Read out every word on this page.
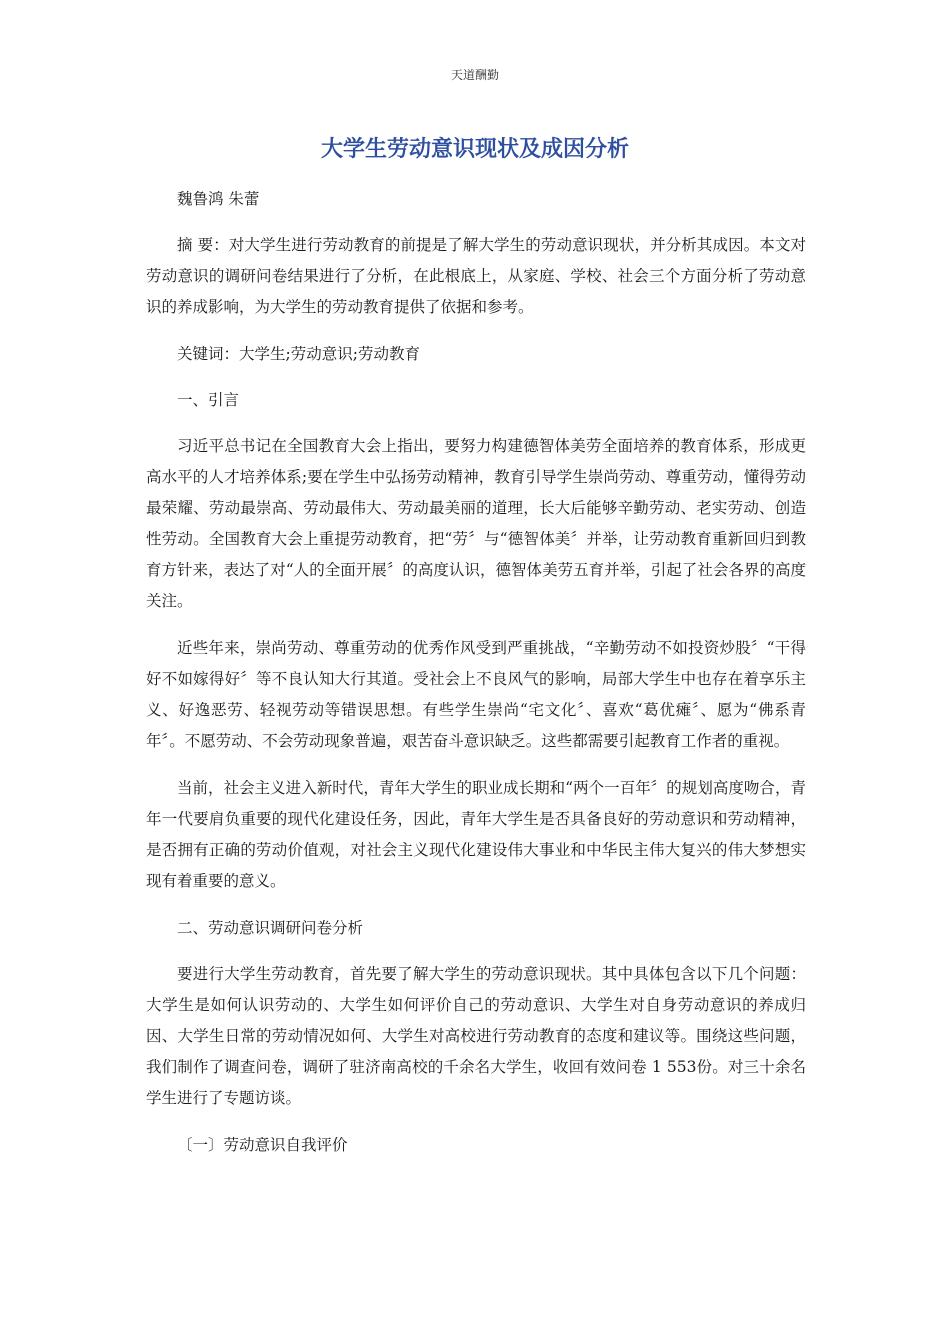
天道酬勤
大学生劳动意识现状及成因分析

魏鲁鸿 朱蕾

摘 要：对大学生进行劳动教育的前提是了解大学生的劳动意识现状，并分析其成因。本文对劳动意识的调研问卷结果进行了分析，在此根底上，从家庭、学校、社会三个方面分析了劳动意识的养成影响，为大学生的劳动教育提供了依据和参考。

关键词：大学生;劳动意识;劳动教育

一、引言

习近平总书记在全国教育大会上指出，要努力构建德智体美劳全面培养的教育体系，形成更高水平的人才培养体系;要在学生中弘扬劳动精神，教育引导学生崇尚劳动、尊重劳动，懂得劳动最荣耀、劳动最崇高、劳动最伟大、劳动最美丽的道理，长大后能够辛勤劳动、老实劳动、创造性劳动。全国教育大会上重提劳动教育，把“劳〞与“德智体美〞并举，让劳动教育重新回归到教育方针来，表达了对“人的全面开展〞的高度认识，德智体美劳五育并举，引起了社会各界的高度关注。

近些年来，崇尚劳动、尊重劳动的优秀作风受到严重挑战，“辛勤劳动不如投资炒股〞“干得好不如嫁得好〞等不良认知大行其道。受社会上不良风气的影响，局部大学生中也存在着享乐主义、好逸恶劳、轻视劳动等错误思想。有些学生崇尚“宅文化〞、喜欢“葛优瘫〞、愿为“佛系青年〞。不愿劳动、不会劳动现象普遍，艰苦奋斗意识缺乏。这些都需要引起教育工作者的重视。

当前，社会主义进入新时代，青年大学生的职业成长期和“两个一百年〞的规划高度吻合，青年一代要肩负重要的现代化建设任务，因此，青年大学生是否具备良好的劳动意识和劳动精神，是否拥有正确的劳动价值观，对社会主义现代化建设伟大事业和中华民主伟大复兴的伟大梦想实现有着重要的意义。

二、劳动意识调研问卷分析

要进行大学生劳动教育，首先要了解大学生的劳动意识现状。其中具体包含以下几个问题：大学生是如何认识劳动的、大学生如何评价自己的劳动意识、大学生对自身劳动意识的养成归因、大学生日常的劳动情况如何、大学生对高校进行劳动教育的态度和建议等。围绕这些问题，我们制作了调查问卷，调研了驻济南高校的千余名大学生，收回有效问卷 1 553份。对三十余名学生进行了专题访谈。

〔一〕劳动意识自我评价
